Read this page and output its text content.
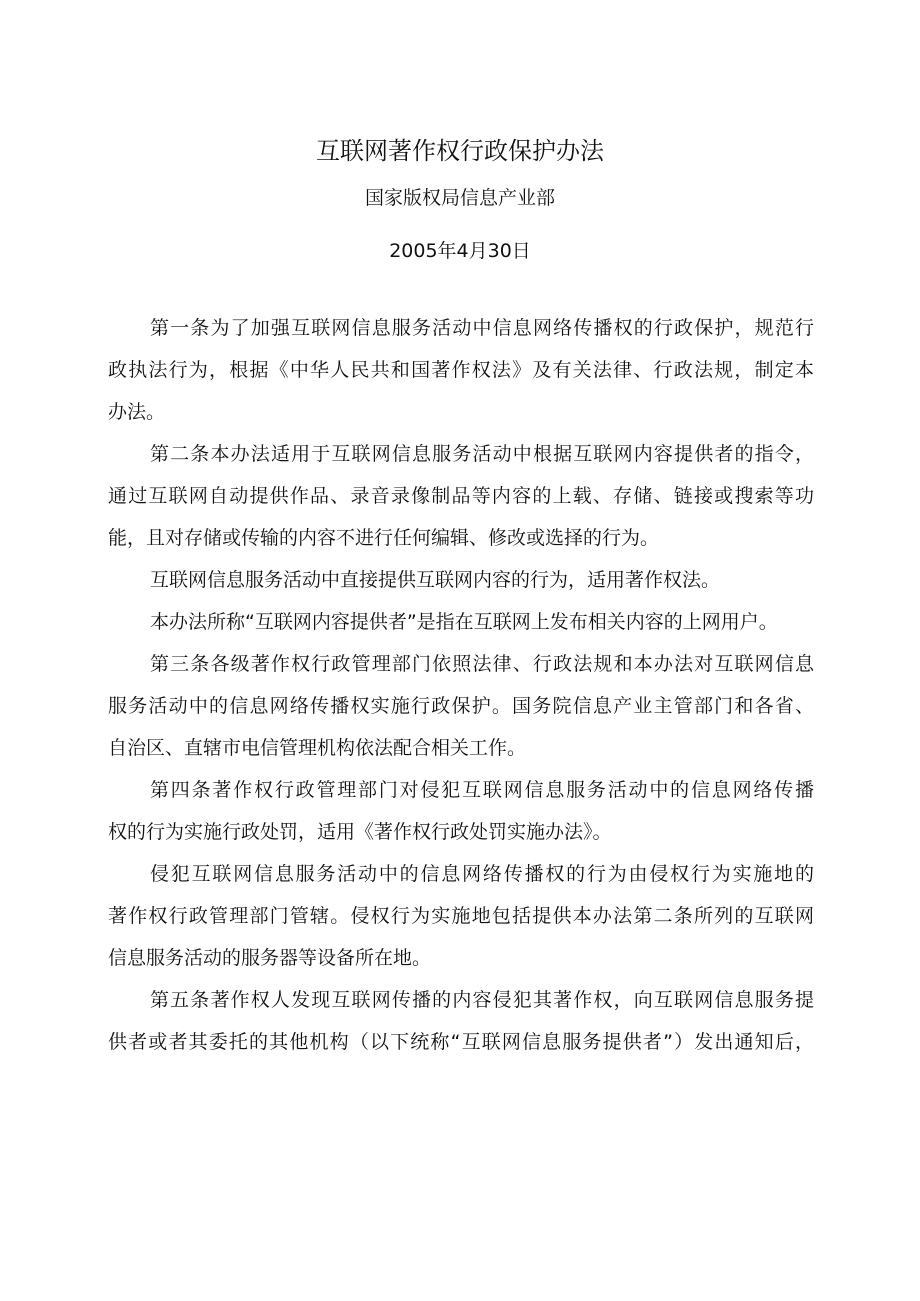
互联网著作权行政保护办法
国家版权局信息产业部
2005年4月30日

第一条为了加强互联网信息服务活动中信息网络传播权的行政保护，规范行
政执法行为，根据《中华人民共和国著作权法》及有关法律、行政法规，制定本
办法。

第二条本办法适用于互联网信息服务活动中根据互联网内容提供者的指令，
通过互联网自动提供作品、录音录像制品等内容的上载、存储、链接或搜索等功
能，且对存储或传输的内容不进行任何编辑、修改或选择的行为。

互联网信息服务活动中直接提供互联网内容的行为，适用著作权法。

本办法所称“互联网内容提供者”是指在互联网上发布相关内容的上网用户。

第三条各级著作权行政管理部门依照法律、行政法规和本办法对互联网信息
服务活动中的信息网络传播权实施行政保护。国务院信息产业主管部门和各省、
自治区、直辖市电信管理机构依法配合相关工作。

第四条著作权行政管理部门对侵犯互联网信息服务活动中的信息网络传播
权的行为实施行政处罚，适用《著作权行政处罚实施办法》。

侵犯互联网信息服务活动中的信息网络传播权的行为由侵权行为实施地的
著作权行政管理部门管辖。侵权行为实施地包括提供本办法第二条所列的互联网
信息服务活动的服务器等设备所在地。

第五条著作权人发现互联网传播的内容侵犯其著作权，向互联网信息服务提
供者或者其委托的其他机构（以下统称“互联网信息服务提供者”）发出通知后，
